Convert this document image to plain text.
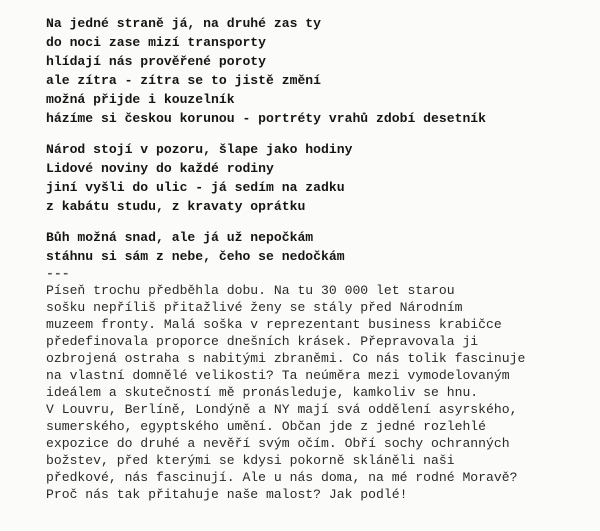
Na jedné straně já, na druhé zas ty
do noci zase mizí transporty
hlídají nás prověřené poroty
ale zítra - zítra se to jistě změní
možná přijde i kouzelník
házíme si českou korunou - portréty vrahů zdobí desetník
Národ stojí v pozoru, šlape jako hodiny
Lidové noviny do každé rodiny
jiní vyšli do ulic - já sedím na zadku
z kabátu studu, z kravaty oprátku
Bůh možná snad, ale já už nepočkám
stáhnu si sám z nebe, čeho se nedočkám
---
Píseň trochu předběhla dobu. Na tu 30 000 let starou
sošku nepříliš přitažlivé ženy se stály před Národním
muzeem fronty. Malá soška v reprezentant business krabičce
předefinovala proporce dnešních krásek. Přepravovala ji
ozbrojená ostraha s nabitými zbraněmi. Co nás tolik fascinuje
na vlastní domnělé velikosti? Ta neúměra mezi vymodelovaným
ideálem a skutečností mě pronásleduje, kamkoliv se hnu.
V Louvru, Berlíně, Londýně a NY mají svá oddělení asyrského,
sumerského, egyptského umění. Občan jde z jedné rozlehlé
expozice do druhé a nevěří svým očím. Obří sochy ochranných
božstev, před kterými se kdysi pokorně skláněli naši
předkové, nás fascinují. Ale u nás doma, na mé rodné Moravě?
Proč nás tak přitahuje naše malost? Jak podlé!
